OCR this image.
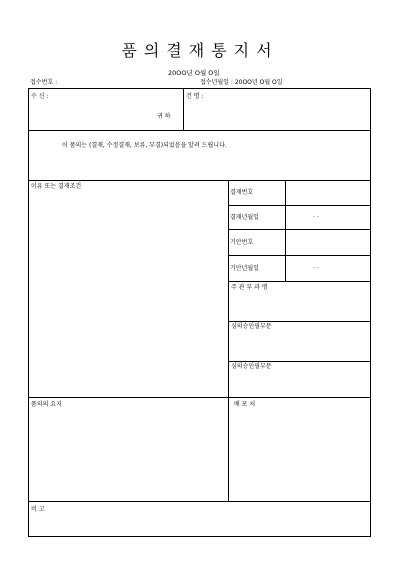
품의결재통지서
20OO년 O월 O일
접수번호 :	접수년월일 : 20OO년 O월 O일
수 신 :
귀 하
건 명 :
이 품의는 (결재, 수정결재, 보류, 부결)되었음을 알려 드립니다.
이유 또는 결재조건
결재번호
결재년월일	. .
기안번호
기안년월일	. .
주 관 부 과 명
심의승인필부문
심의승인필부문
품의의 요지	배 포 처
비 고
